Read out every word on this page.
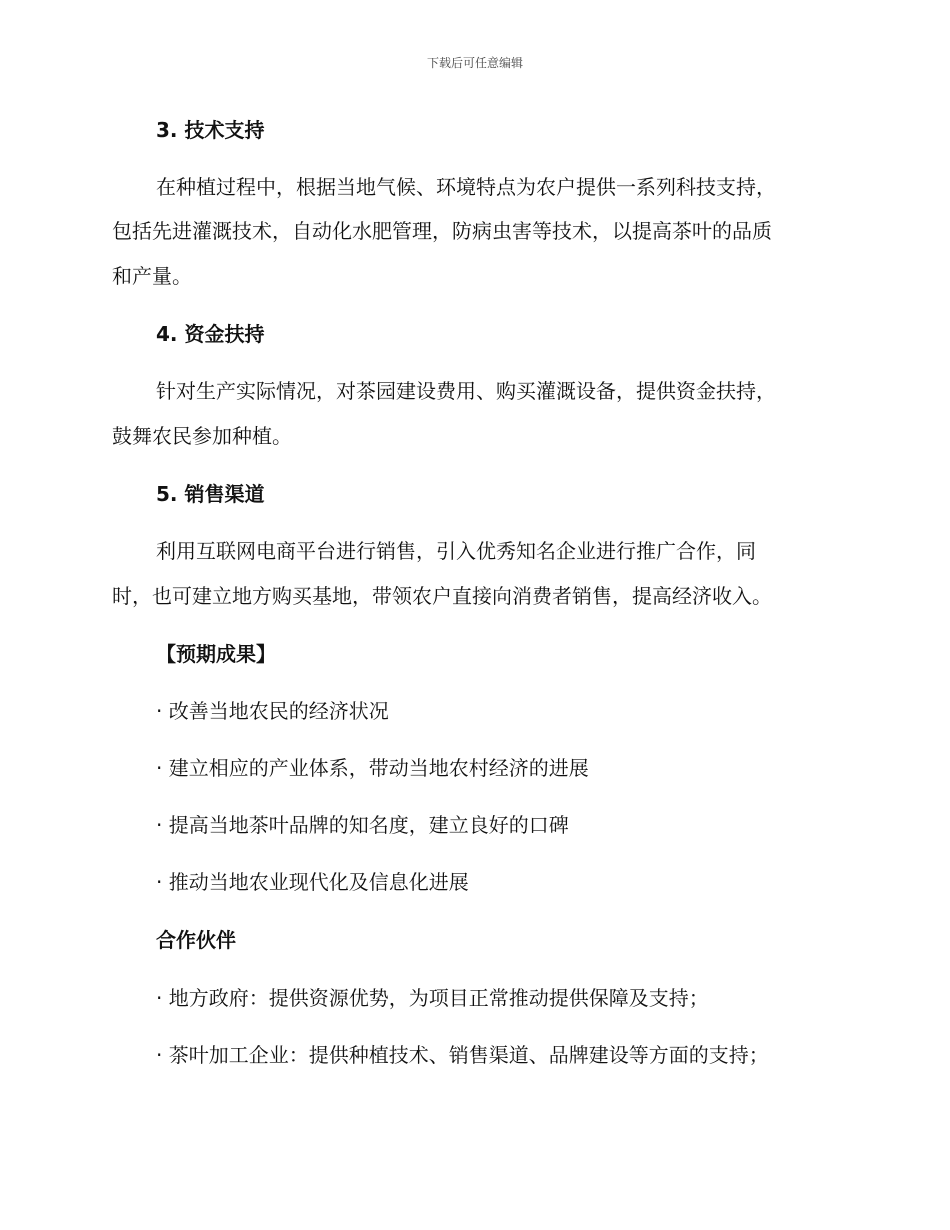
下载后可任意编辑
3. 技术支持
在种植过程中，根据当地气候、环境特点为农户提供一系列科技支持，
包括先进灌溉技术，自动化水肥管理，防病虫害等技术，以提高茶叶的品质
和产量。
4. 资金扶持
针对生产实际情况，对茶园建设费用、购买灌溉设备，提供资金扶持，
鼓舞农民参加种植。
5. 销售渠道
利用互联网电商平台进行销售，引入优秀知名企业进行推广合作，同
时，也可建立地方购买基地，带领农户直接向消费者销售，提高经济收入。
【预期成果】
· 改善当地农民的经济状况
· 建立相应的产业体系，带动当地农村经济的进展
· 提高当地茶叶品牌的知名度，建立良好的口碑
· 推动当地农业现代化及信息化进展
合作伙伴
· 地方政府：提供资源优势，为项目正常推动提供保障及支持；
· 茶叶加工企业：提供种植技术、销售渠道、品牌建设等方面的支持；
